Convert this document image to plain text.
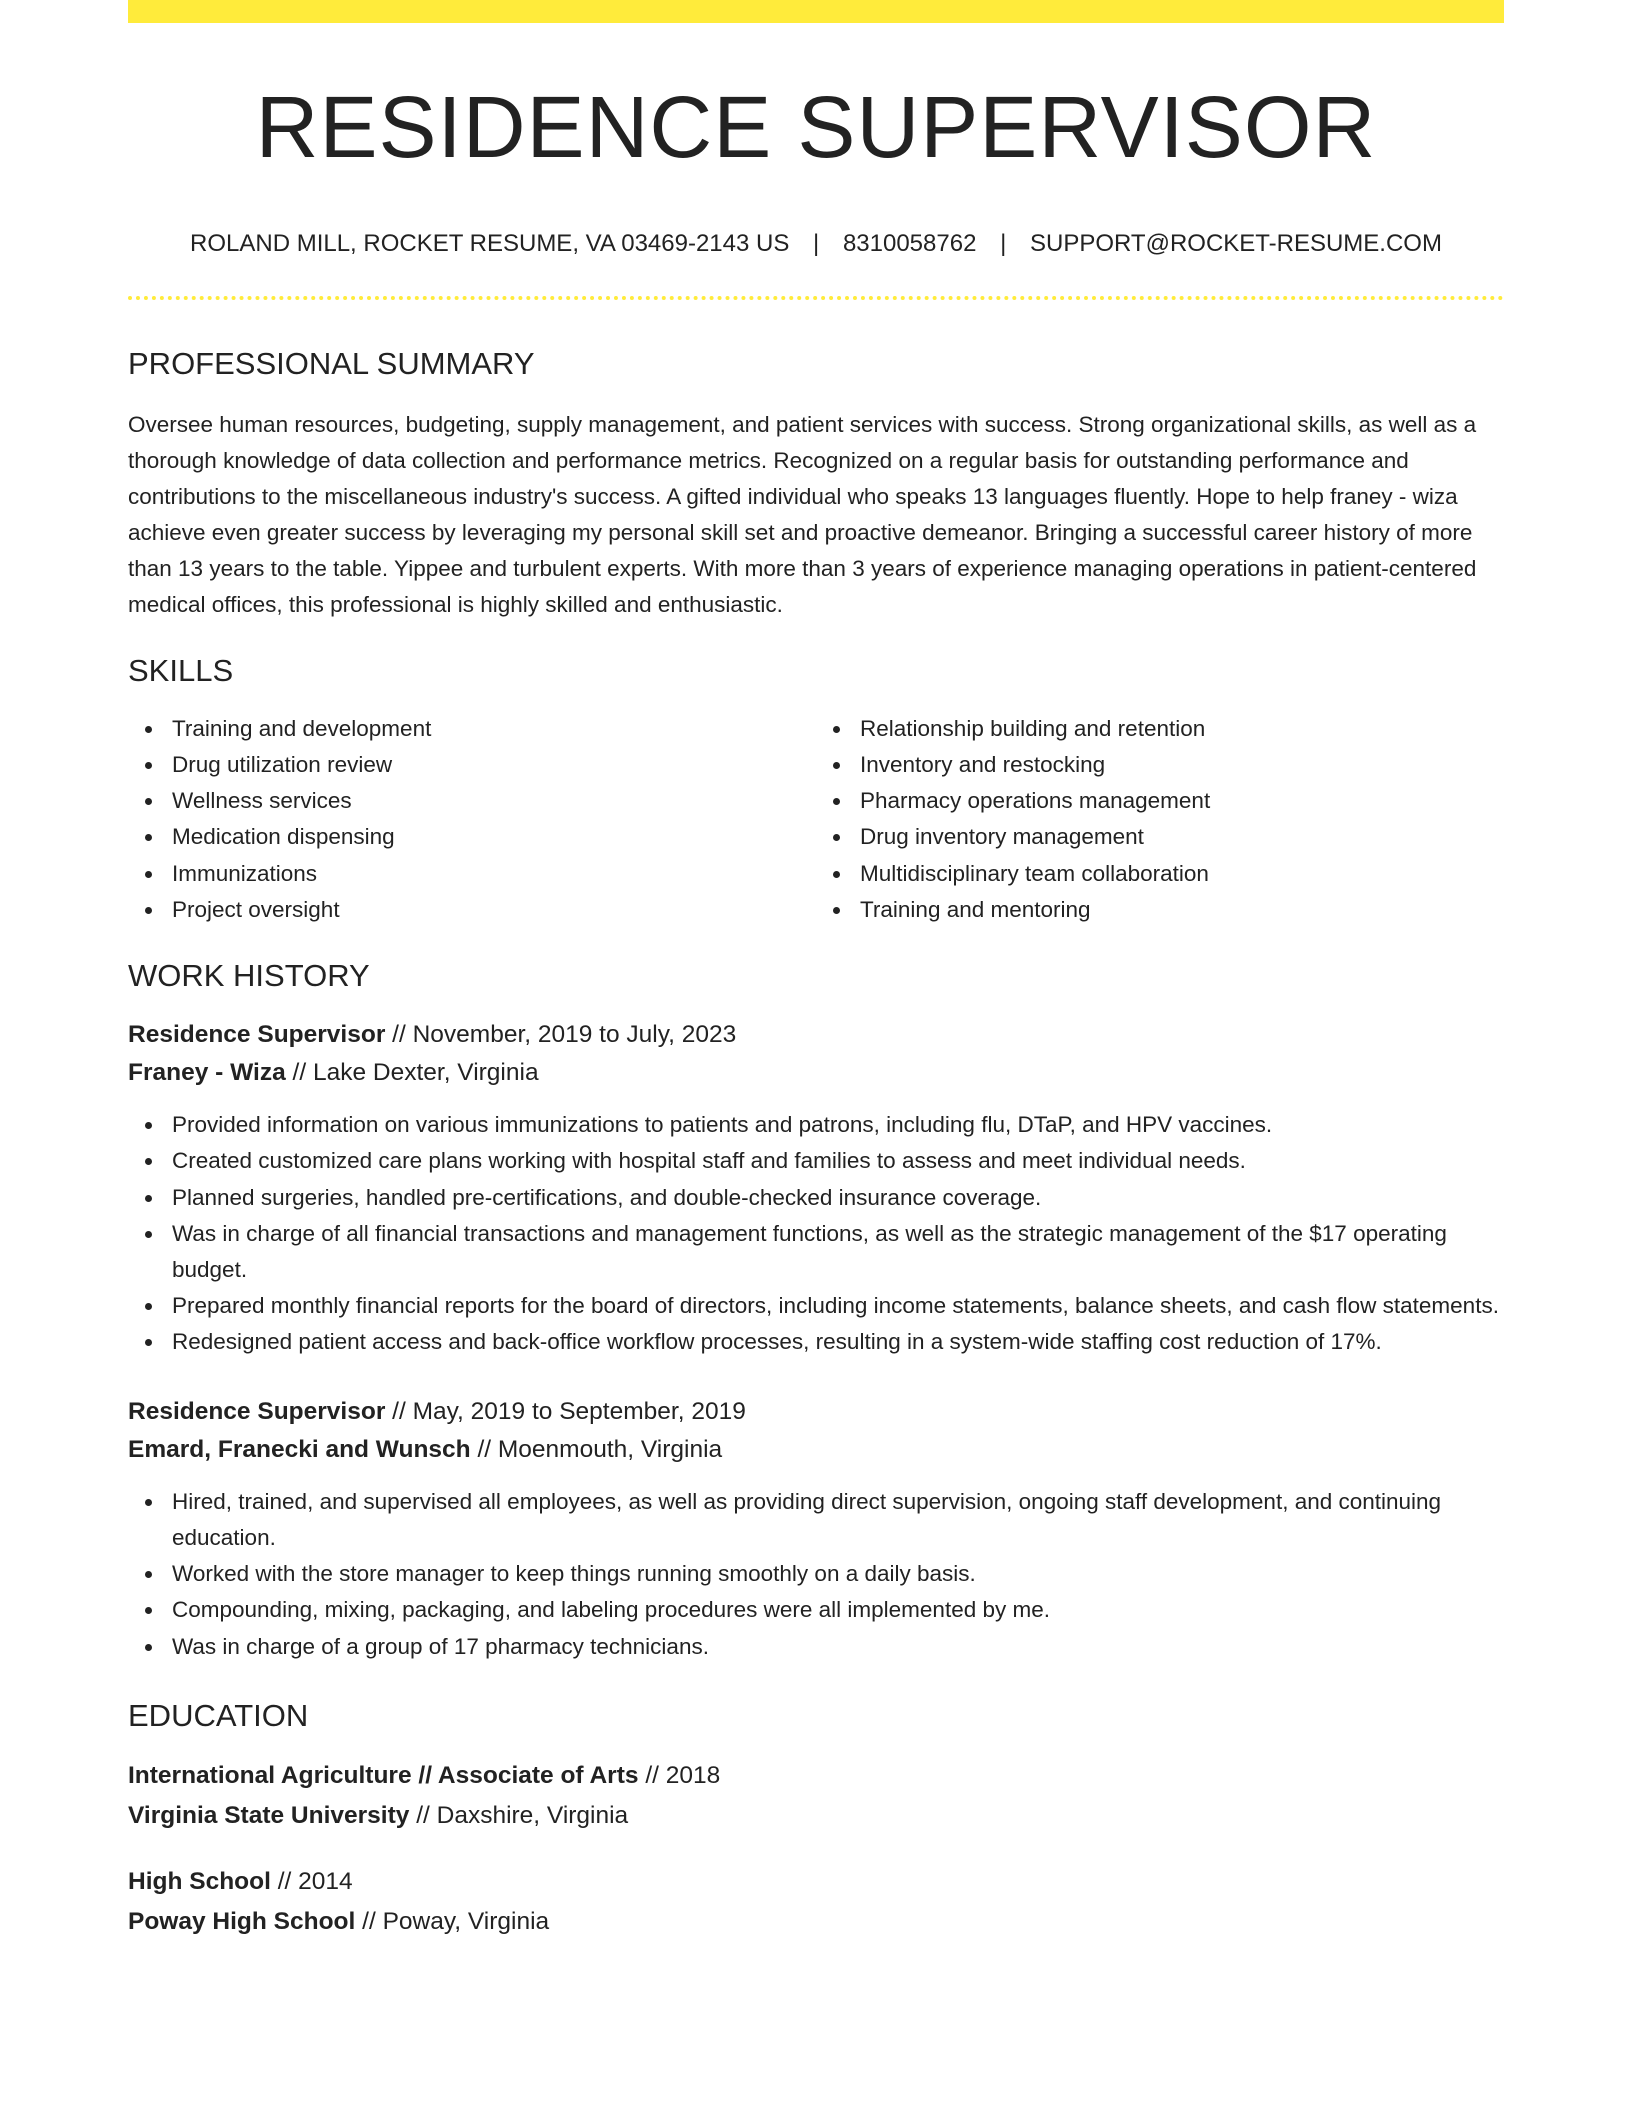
RESIDENCE SUPERVISOR
ROLAND MILL, ROCKET RESUME, VA 03469-2143 US | 8310058762 | SUPPORT@ROCKET-RESUME.COM
PROFESSIONAL SUMMARY

Oversee human resources, budgeting, supply management, and patient services with success. Strong organizational skills, as well as a thorough knowledge of data collection and performance metrics. Recognized on a regular basis for outstanding performance and contributions to the miscellaneous industry's success. A gifted individual who speaks 13 languages fluently. Hope to help franey - wiza achieve even greater success by leveraging my personal skill set and proactive demeanor. Bringing a successful career history of more than 13 years to the table. Yippee and turbulent experts. With more than 3 years of experience managing operations in patient-centered medical offices, this professional is highly skilled and enthusiastic.

SKILLS
Training and development
Drug utilization review
Wellness services
Medication dispensing
Immunizations
Project oversight
Relationship building and retention
Inventory and restocking
Pharmacy operations management
Drug inventory management
Multidisciplinary team collaboration
Training and mentoring
WORK HISTORY
Residence Supervisor // November, 2019 to July, 2023
Franey - Wiza // Lake Dexter, Virginia
Provided information on various immunizations to patients and patrons, including flu, DTaP, and HPV vaccines.
Created customized care plans working with hospital staff and families to assess and meet individual needs.
Planned surgeries, handled pre-certifications, and double-checked insurance coverage.
Was in charge of all financial transactions and management functions, as well as the strategic management of the $17 operating budget.
Prepared monthly financial reports for the board of directors, including income statements, balance sheets, and cash flow statements.
Redesigned patient access and back-office workflow processes, resulting in a system-wide staffing cost reduction of 17%.
Residence Supervisor // May, 2019 to September, 2019
Emard, Franecki and Wunsch // Moenmouth, Virginia
Hired, trained, and supervised all employees, as well as providing direct supervision, ongoing staff development, and continuing education.
Worked with the store manager to keep things running smoothly on a daily basis.
Compounding, mixing, packaging, and labeling procedures were all implemented by me.
Was in charge of a group of 17 pharmacy technicians.
EDUCATION
International Agriculture // Associate of Arts // 2018
Virginia State University // Daxshire, Virginia
High School // 2014
Poway High School // Poway, Virginia
